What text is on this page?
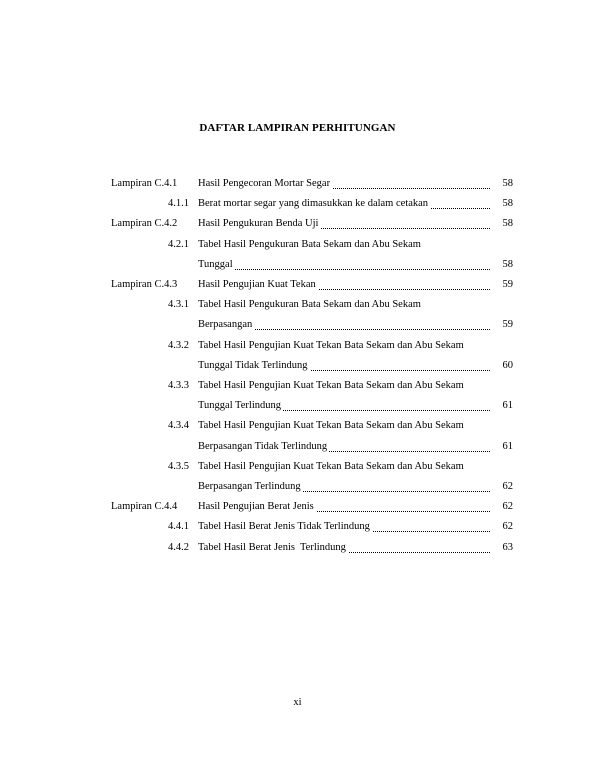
DAFTAR LAMPIRAN PERHITUNGAN
Lampiran C.4.1	Hasil Pengecoran Mortar Segar	58
4.1.1 Berat mortar segar yang dimasukkan ke dalam cetakan	58
Lampiran C.4.2	Hasil Pengukuran Benda Uji	58
4.2.1 Tabel Hasil Pengukuran Bata Sekam dan Abu Sekam
Tunggal	58
Lampiran C.4.3	Hasil Pengujian Kuat Tekan	59
4.3.1 Tabel Hasil Pengukuran Bata Sekam dan Abu Sekam
Berpasangan	59
4.3.2 Tabel Hasil Pengujian Kuat Tekan Bata Sekam dan Abu Sekam
Tunggal Tidak Terlindung	60
4.3.3 Tabel Hasil Pengujian Kuat Tekan Bata Sekam dan Abu Sekam
Tunggal Terlindung	61
4.3.4 Tabel Hasil Pengujian Kuat Tekan Bata Sekam dan Abu Sekam
Berpasangan Tidak Terlindung	61
4.3.5 Tabel Hasil Pengujian Kuat Tekan Bata Sekam dan Abu Sekam
Berpasangan Terlindung	62
Lampiran C.4.4	Hasil Pengujian Berat Jenis	62
4.4.1 Tabel Hasil Berat Jenis Tidak Terlindung	62
4.4.2 Tabel Hasil Berat Jenis  Terlindung	63
xi
